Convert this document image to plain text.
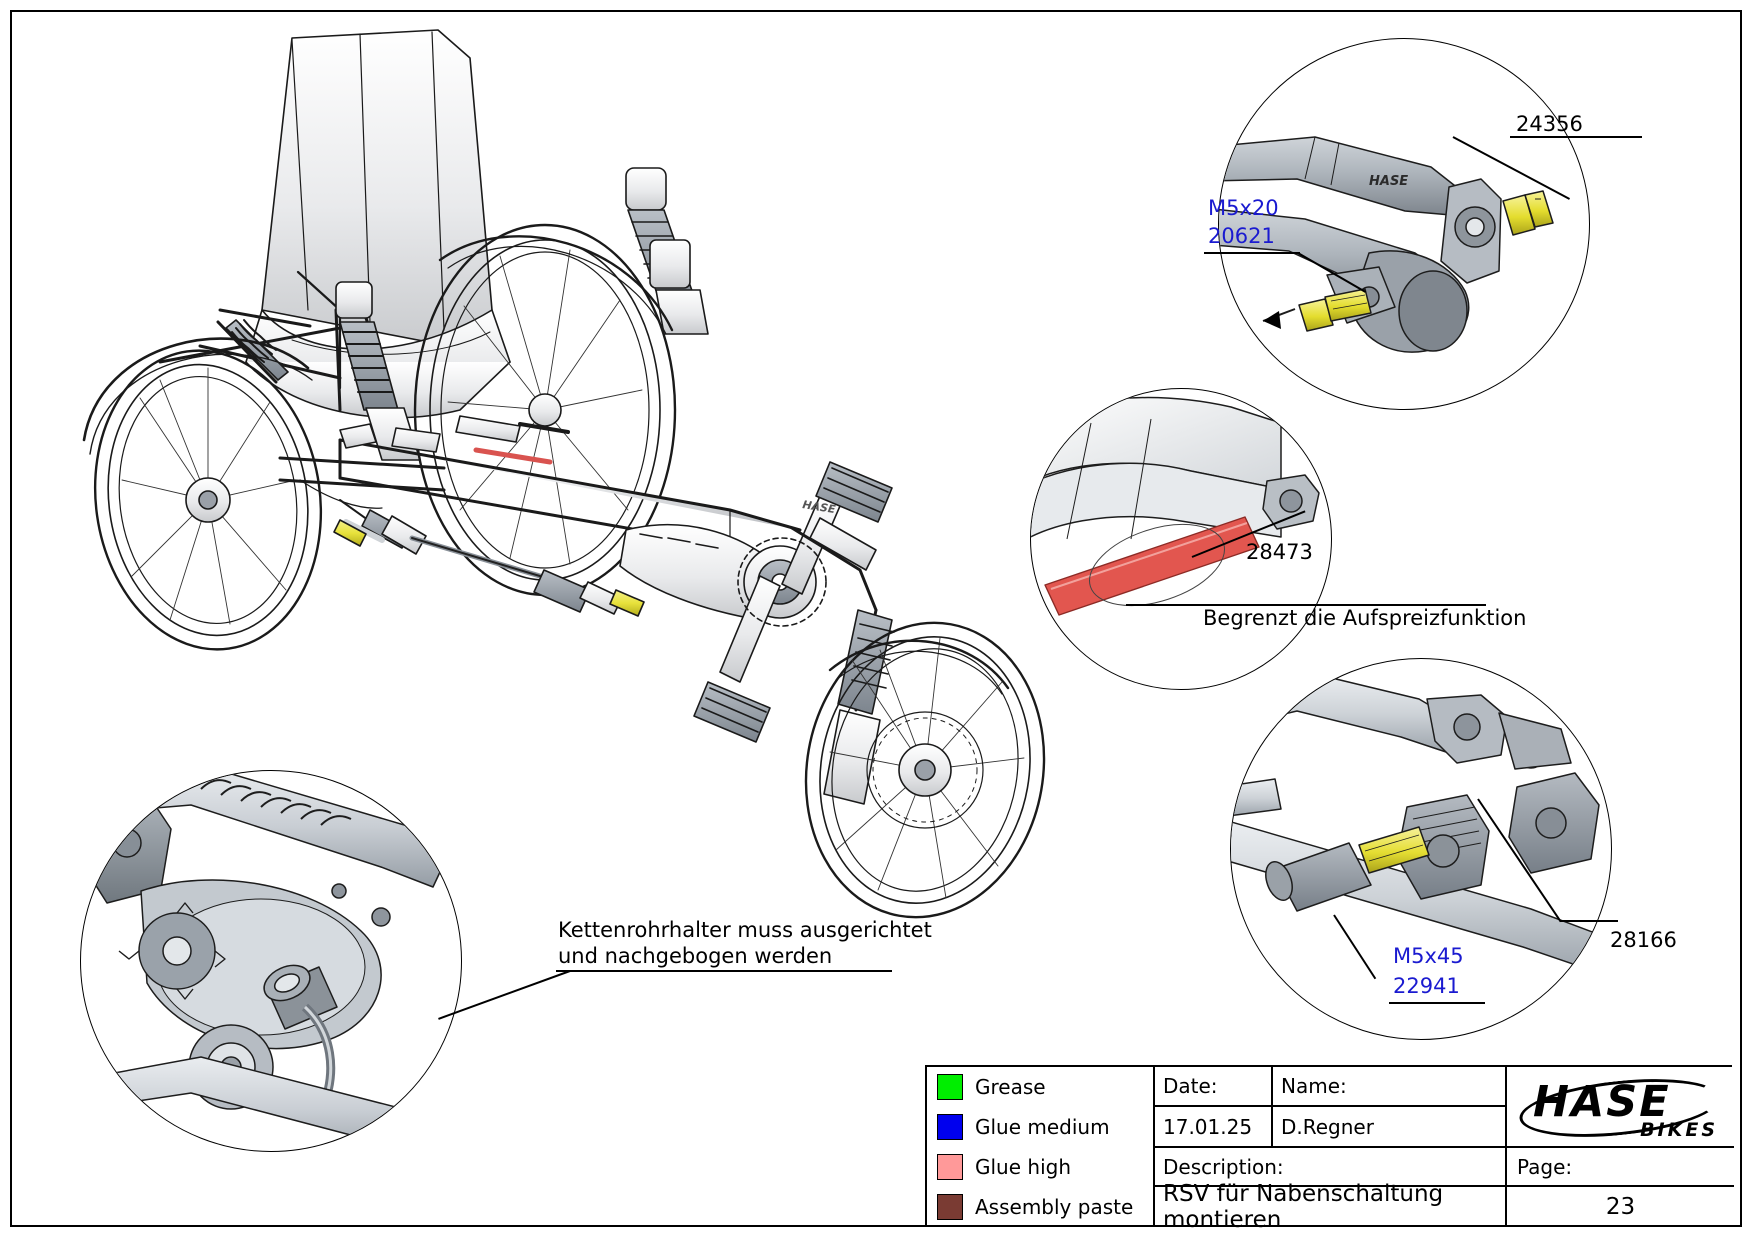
HASE
HASE
24356
M5x20
20621
28473
Begrenzt die Aufspreizfunktion
M5x45
22941
28166
Kettenrohrhalter muss ausgerichtet
und nachgebogen werden
Grease
Glue medium
Glue high
Assembly paste
Date:	Name:
17.01.25	D.Regner
Description:
RSV für Nabenschaltung montieren
HASE
BIKES
Page:
23
